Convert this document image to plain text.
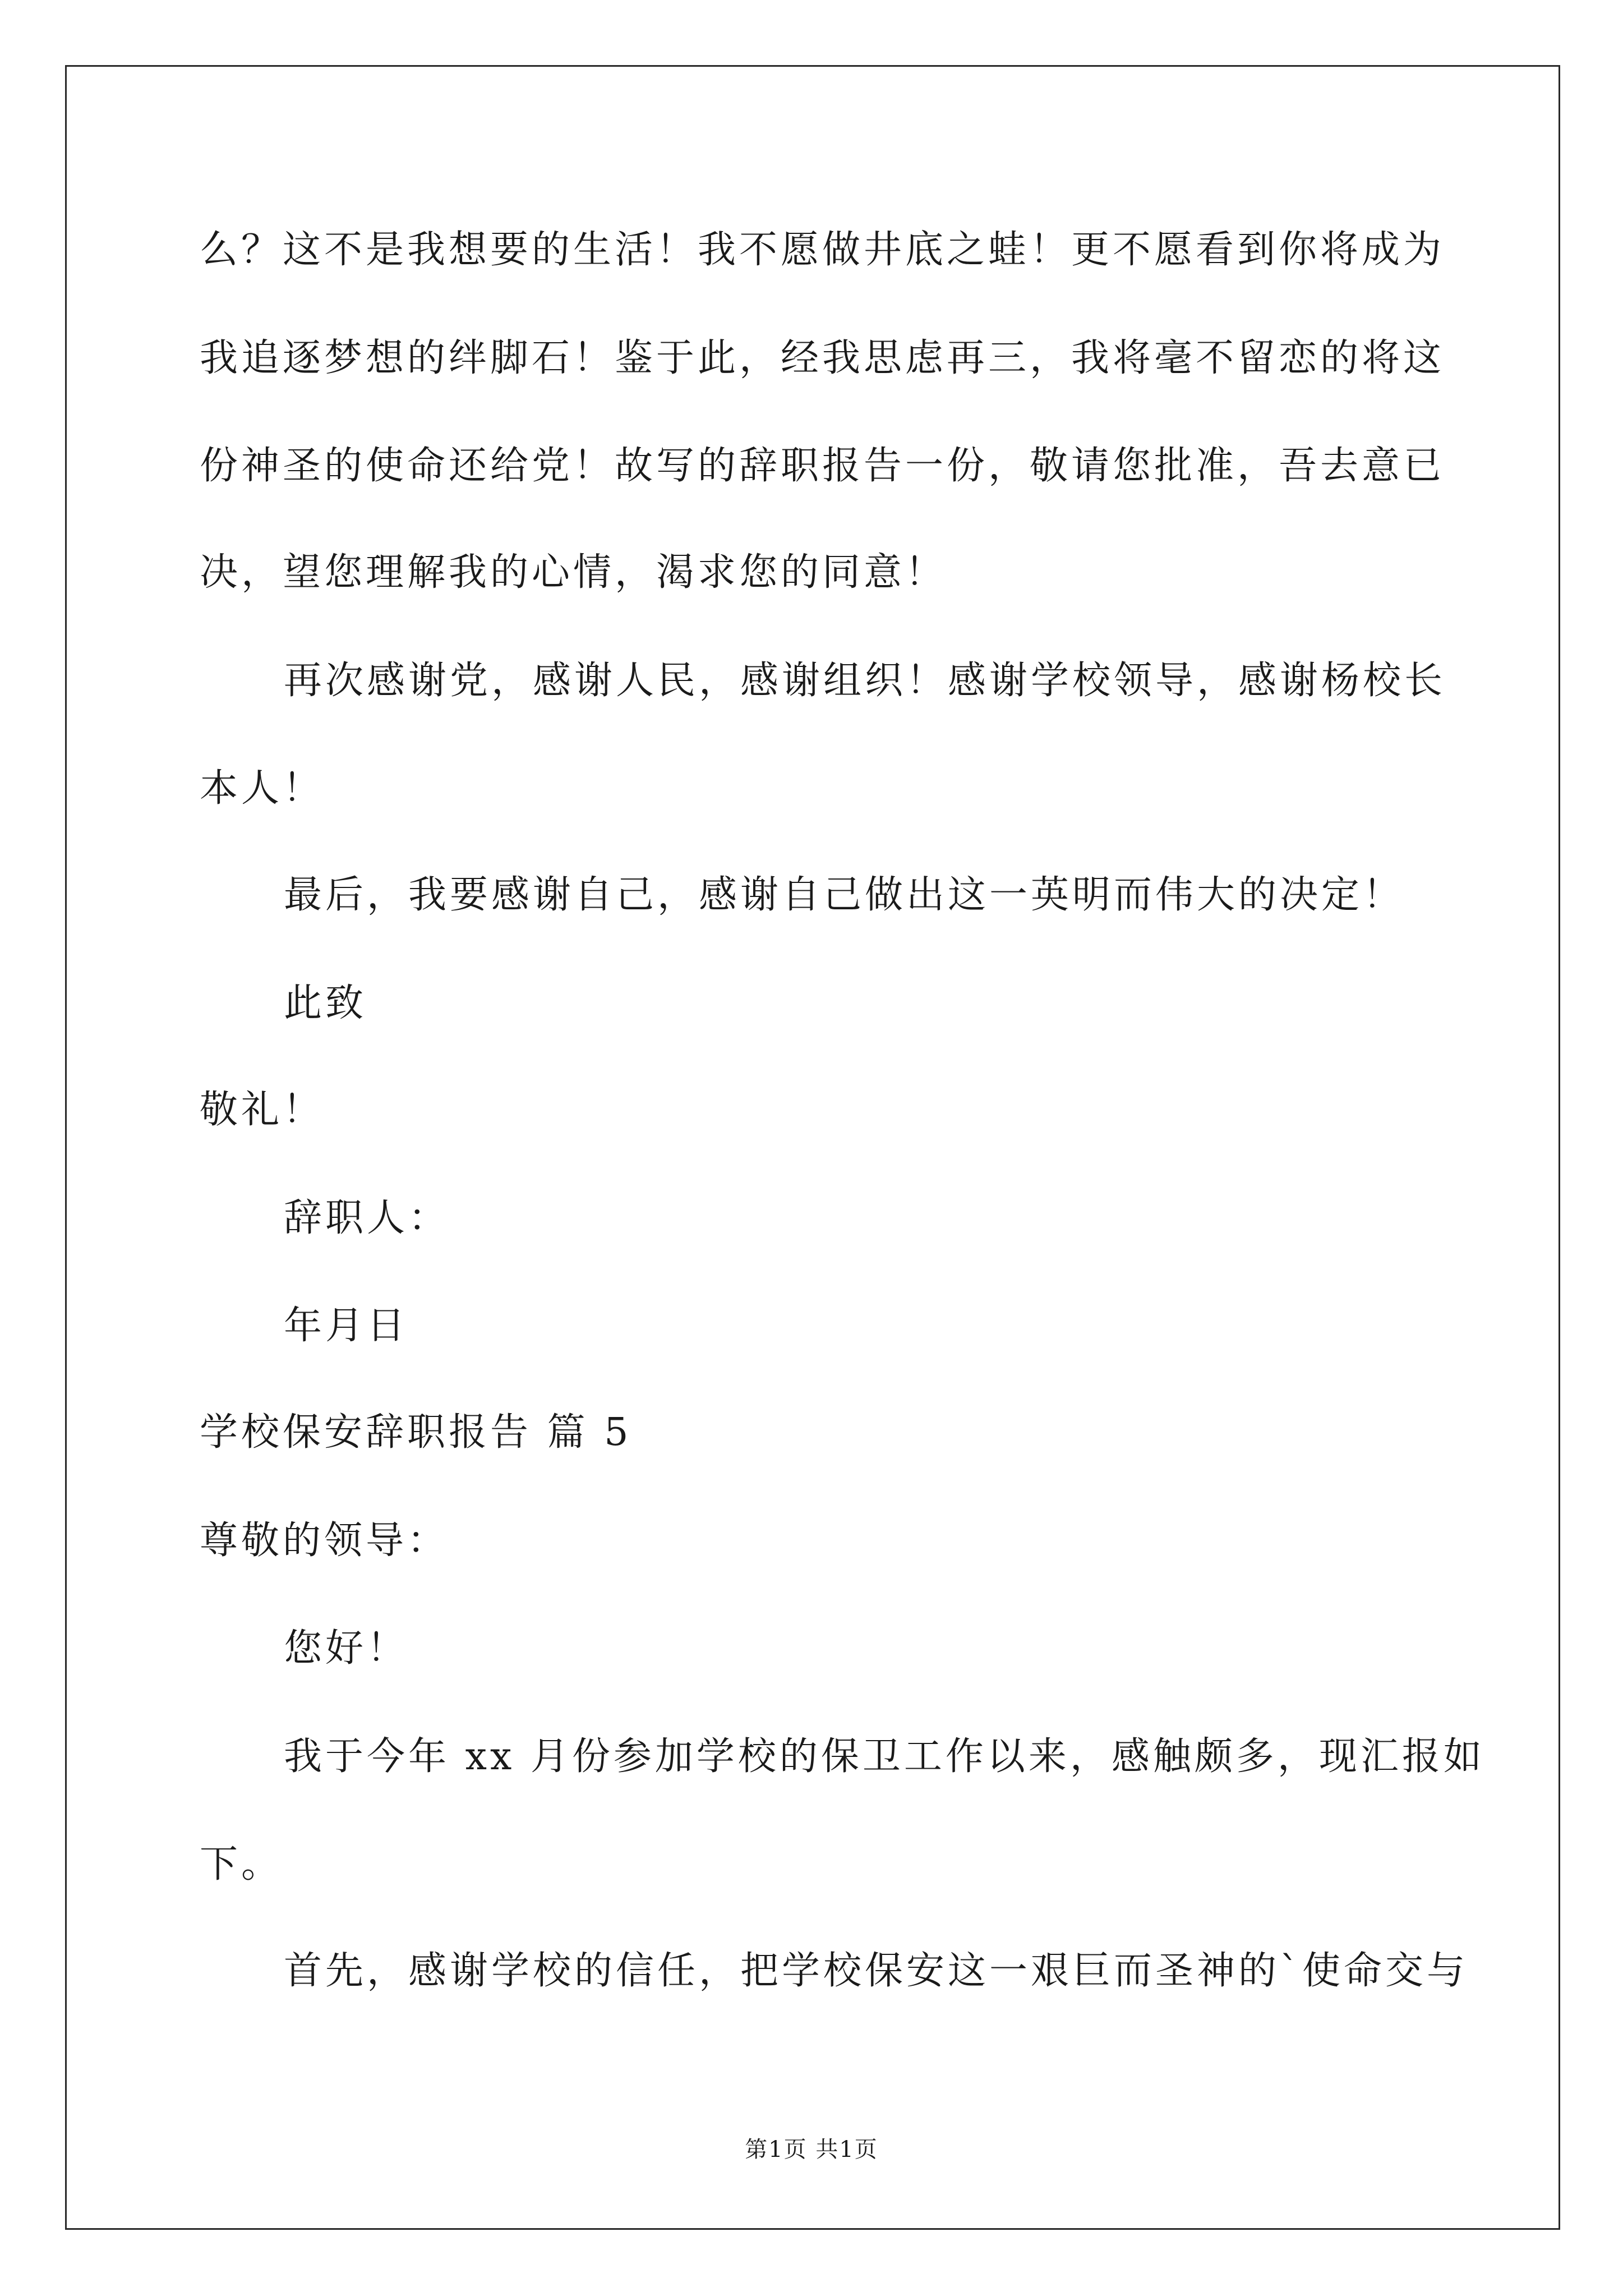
么？这不是我想要的生活！我不愿做井底之蛙！更不愿看到你将成为
我追逐梦想的绊脚石！鉴于此，经我思虑再三，我将毫不留恋的将这
份神圣的使命还给党！故写的辞职报告一份，敬请您批准，吾去意已
决，望您理解我的心情，渴求您的同意！
再次感谢党，感谢人民，感谢组织！感谢学校领导，感谢杨校长
本人！
最后，我要感谢自己，感谢自己做出这一英明而伟大的决定！
此致
敬礼！
辞职人：
年月日
学校保安辞职报告 篇 5
尊敬的领导：
您好！
我于今年 xx 月份参加学校的保卫工作以来，感触颇多，现汇报如
下。
首先，感谢学校的信任，把学校保安这一艰巨而圣神的`使命交与
第1页 共1页
